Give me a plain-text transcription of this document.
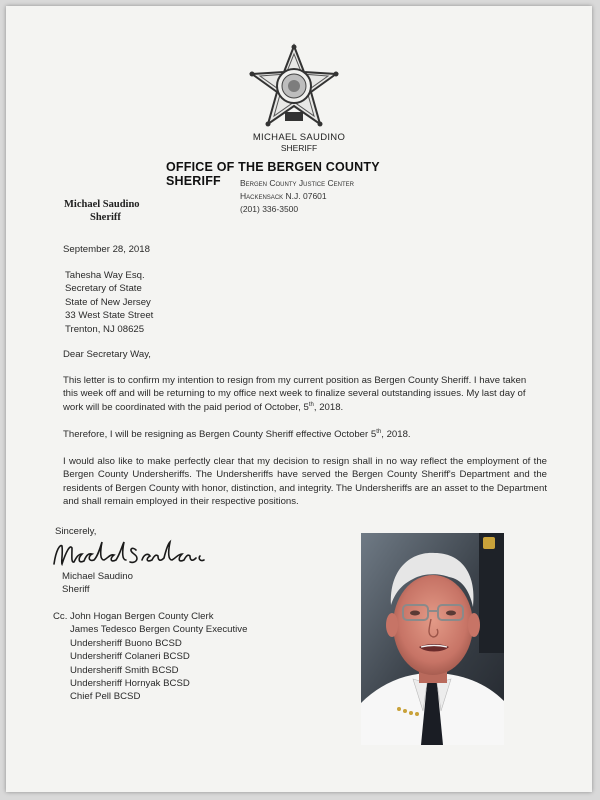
MICHAEL SAUDINO
SHERIFF
OFFICE OF THE BERGEN COUNTY SHERIFF	Bergen County Justice Center
Hackensack N.J. 07601
(201) 336-3500
Michael Saudino
Sheriff
September 28, 2018
Tahesha Way Esq.
Secretary of State
State of New Jersey
33 West State Street
Trenton, NJ 08625
Dear Secretary Way,
This letter is to confirm my intention to resign from my current position as Bergen County Sheriff. I have taken this week off and will be returning to my office next week to finalize several outstanding issues. My last day of work will be coordinated with the paid period of October, 5th, 2018.
Therefore, I will be resigning as Bergen County Sheriff effective October 5th, 2018.
I would also like to make perfectly clear that my decision to resign shall in no way reflect the employment of the Bergen County Undersheriffs. The Undersheriffs have served the Bergen County Sheriff's Department and the residents of Bergen County with honor, distinction, and integrity. The Undersheriffs are an asset to the Department and shall remain employed in their respective positions.
Sincerely,
Michael Saudino
Sheriff
Cc. John Hogan Bergen County Clerk
James Tedesco Bergen County Executive
Undersheriff Buono BCSD
Undersheriff Colaneri BCSD
Undersheriff Smith BCSD
Undersheriff Hornyak BCSD
Chief Pell BCSD
